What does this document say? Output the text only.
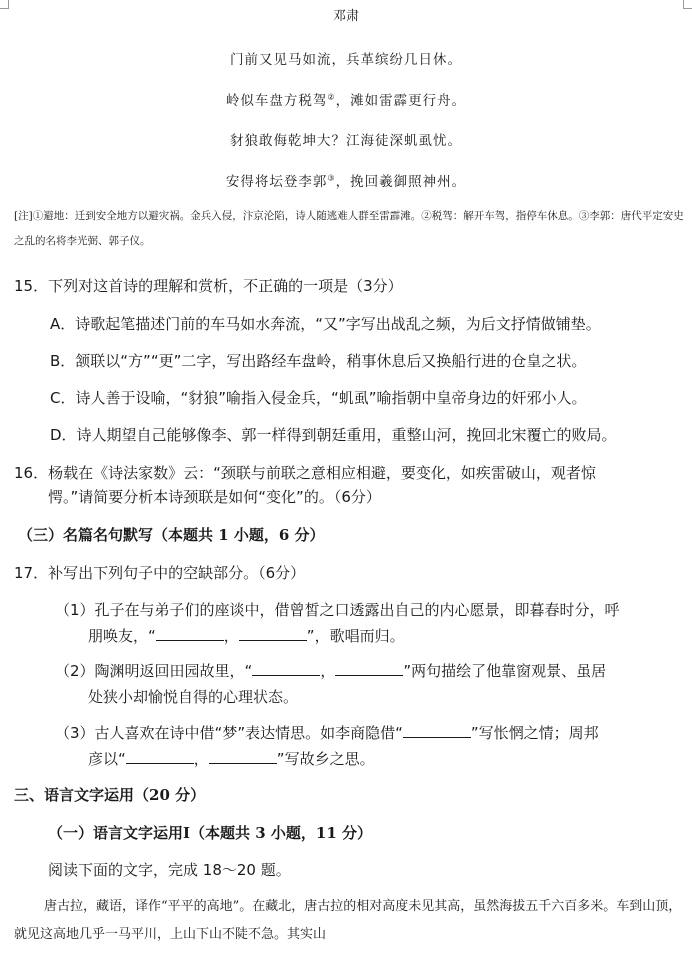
邓肃
门前又见马如流，兵革缤纷几日休。
岭似车盘方税驾②，滩如雷霹更行舟。
豺狼敢侮乾坤大？江海徒深虮虱忧。
安得将坛登李郭③，挽回羲御照神州。
[注]①避地：迁到安全地方以避灾祸。金兵入侵，汴京沦陷，诗人随逃难人群至雷霹滩。②税驾：解开车驾，指停车休息。③李郭：唐代平定安史之乱的名将李光弼、郭子仪。
15．下列对这首诗的理解和赏析，不正确的一项是（3分）
A．诗歌起笔描述门前的车马如水奔流，“又”字写出战乱之频，为后文抒情做铺垫。
B．颔联以“方”“更”二字，写出路经车盘岭，稍事休息后又换船行进的仓皇之状。
C．诗人善于设喻，“豺狼”喻指入侵金兵，“虮虱”喻指朝中皇帝身边的奸邪小人。
D．诗人期望自己能够像李、郭一样得到朝廷重用，重整山河，挽回北宋覆亡的败局。
16．杨载在《诗法家数》云：“颈联与前联之意相应相避，要变化，如疾雷破山，观者惊
愕。”请简要分析本诗颈联是如何“变化”的。（6分）
（三）名篇名句默写（本题共 1 小题，6 分）
17．补写出下列句子中的空缺部分。（6分）
（1）孔子在与弟子们的座谈中，借曾皙之口透露出自己的内心愿景，即暮春时分，呼
朋唤友，“	，	”，歌唱而归。
（2）陶渊明返回田园故里，“	，	”两句描绘了他靠窗观景、虽居
处狭小却愉悦自得的心理状态。
（3）古人喜欢在诗中借“梦”表达情思。如李商隐借“	”写怅惘之情；周邦
彦以“	，	”写故乡之思。
三、语言文字运用（20 分）
（一）语言文字运用Ⅰ（本题共 3 小题，11 分）
阅读下面的文字，完成 18～20 题。
唐古拉，藏语，译作“平平的高地”。在藏北，唐古拉的相对高度未见其高，虽然海拔五千六百多米。车到山顶，就见这高地几乎一马平川，上山下山不陡不急。其实山
